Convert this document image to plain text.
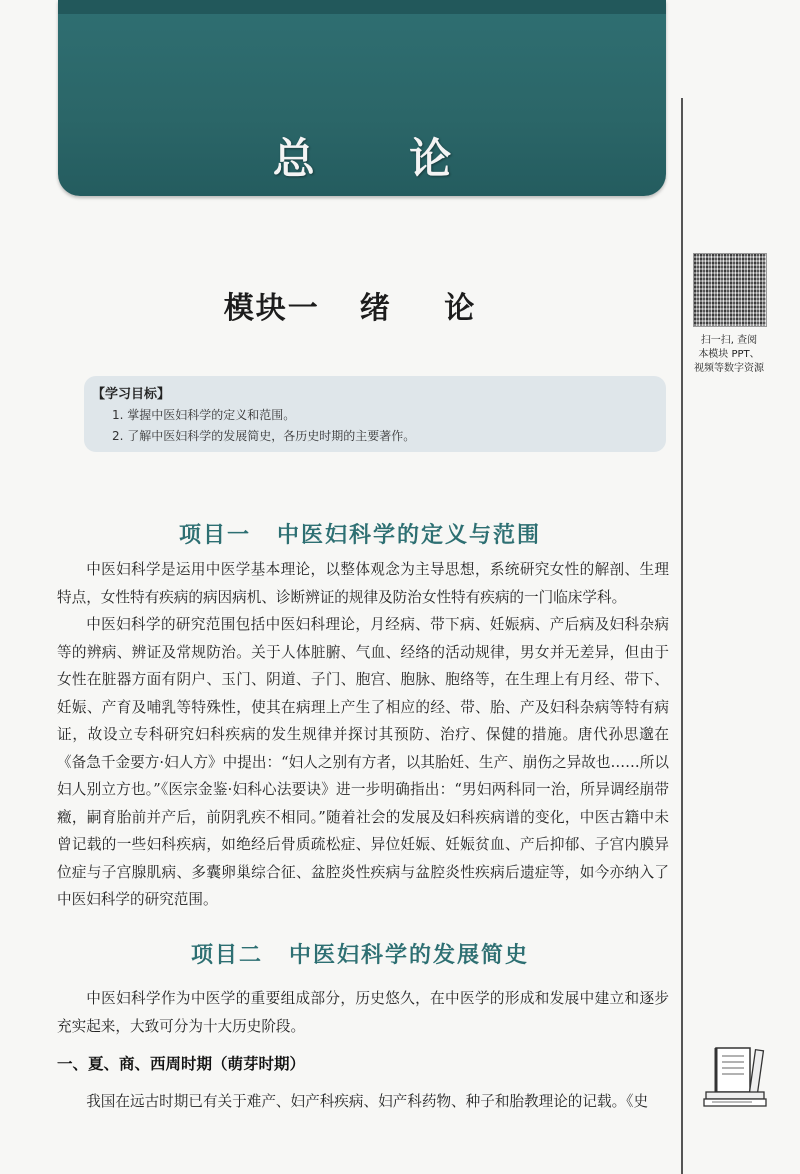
总 论
扫一扫, 查阅
本模块 PPT、
视频等数字资源
模块一 绪 论
【学习目标】
1. 掌握中医妇科学的定义和范围。
2. 了解中医妇科学的发展简史，各历史时期的主要著作。
项目一 中医妇科学的定义与范围

中医妇科学是运用中医学基本理论，以整体观念为主导思想，系统研究女性的解剖、生理特点，女性特有疾病的病因病机、诊断辨证的规律及防治女性特有疾病的一门临床学科。

中医妇科学的研究范围包括中医妇科理论，月经病、带下病、妊娠病、产后病及妇科杂病等的辨病、辨证及常规防治。关于人体脏腑、气血、经络的活动规律，男女并无差异，但由于女性在脏器方面有阴户、玉门、阴道、子门、胞宫、胞脉、胞络等，在生理上有月经、带下、妊娠、产育及哺乳等特殊性，使其在病理上产生了相应的经、带、胎、产及妇科杂病等特有病证，故设立专科研究妇科疾病的发生规律并探讨其预防、治疗、保健的措施。唐代孙思邈在《备急千金要方·妇人方》中提出：“妇人之别有方者，以其胎妊、生产、崩伤之异故也……所以妇人别立方也。”《医宗金鉴·妇科心法要诀》进一步明确指出：“男妇两科同一治，所异调经崩带癥，嗣育胎前并产后，前阴乳疾不相同。”随着社会的发展及妇科疾病谱的变化，中医古籍中未曾记载的一些妇科疾病，如绝经后骨质疏松症、异位妊娠、妊娠贫血、产后抑郁、子宫内膜异位症与子宫腺肌病、多囊卵巢综合征、盆腔炎性疾病与盆腔炎性疾病后遗症等，如今亦纳入了中医妇科学的研究范围。

项目二 中医妇科学的发展简史

中医妇科学作为中医学的重要组成部分，历史悠久，在中医学的形成和发展中建立和逐步充实起来，大致可分为十大历史阶段。

一、夏、商、西周时期（萌芽时期）

我国在远古时期已有关于难产、妇产科疾病、妇产科药物、种子和胎教理论的记载。《史
